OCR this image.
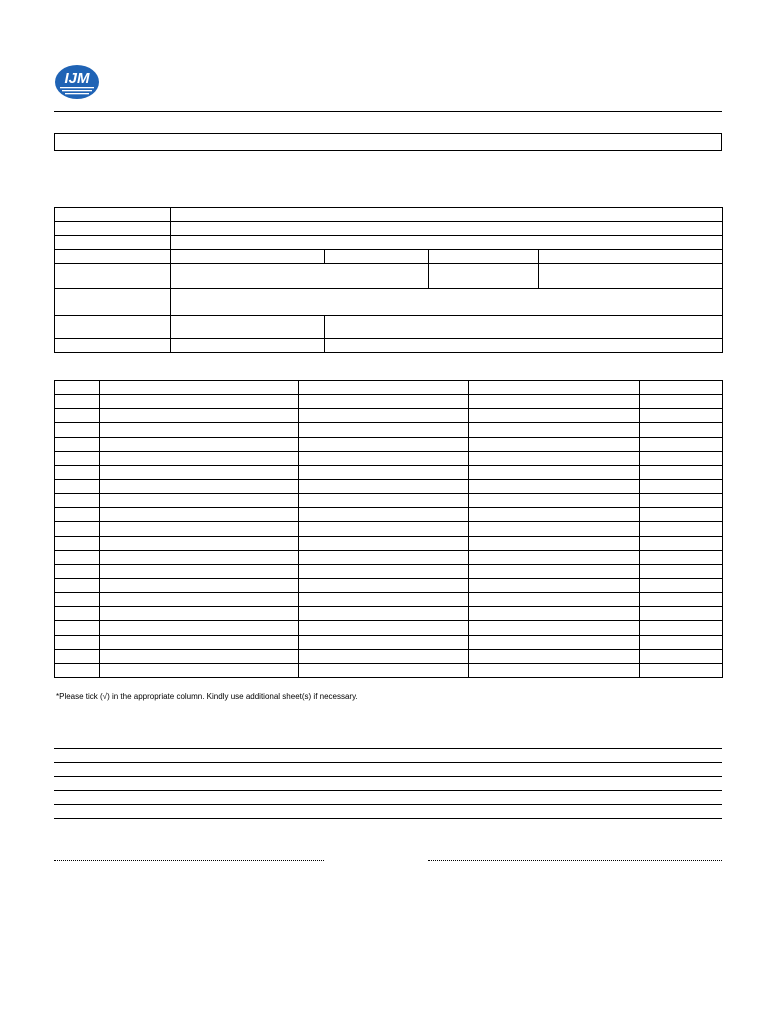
IJM

*Please tick (√) in the appropriate column. Kindly use additional sheet(s) if necessary.
